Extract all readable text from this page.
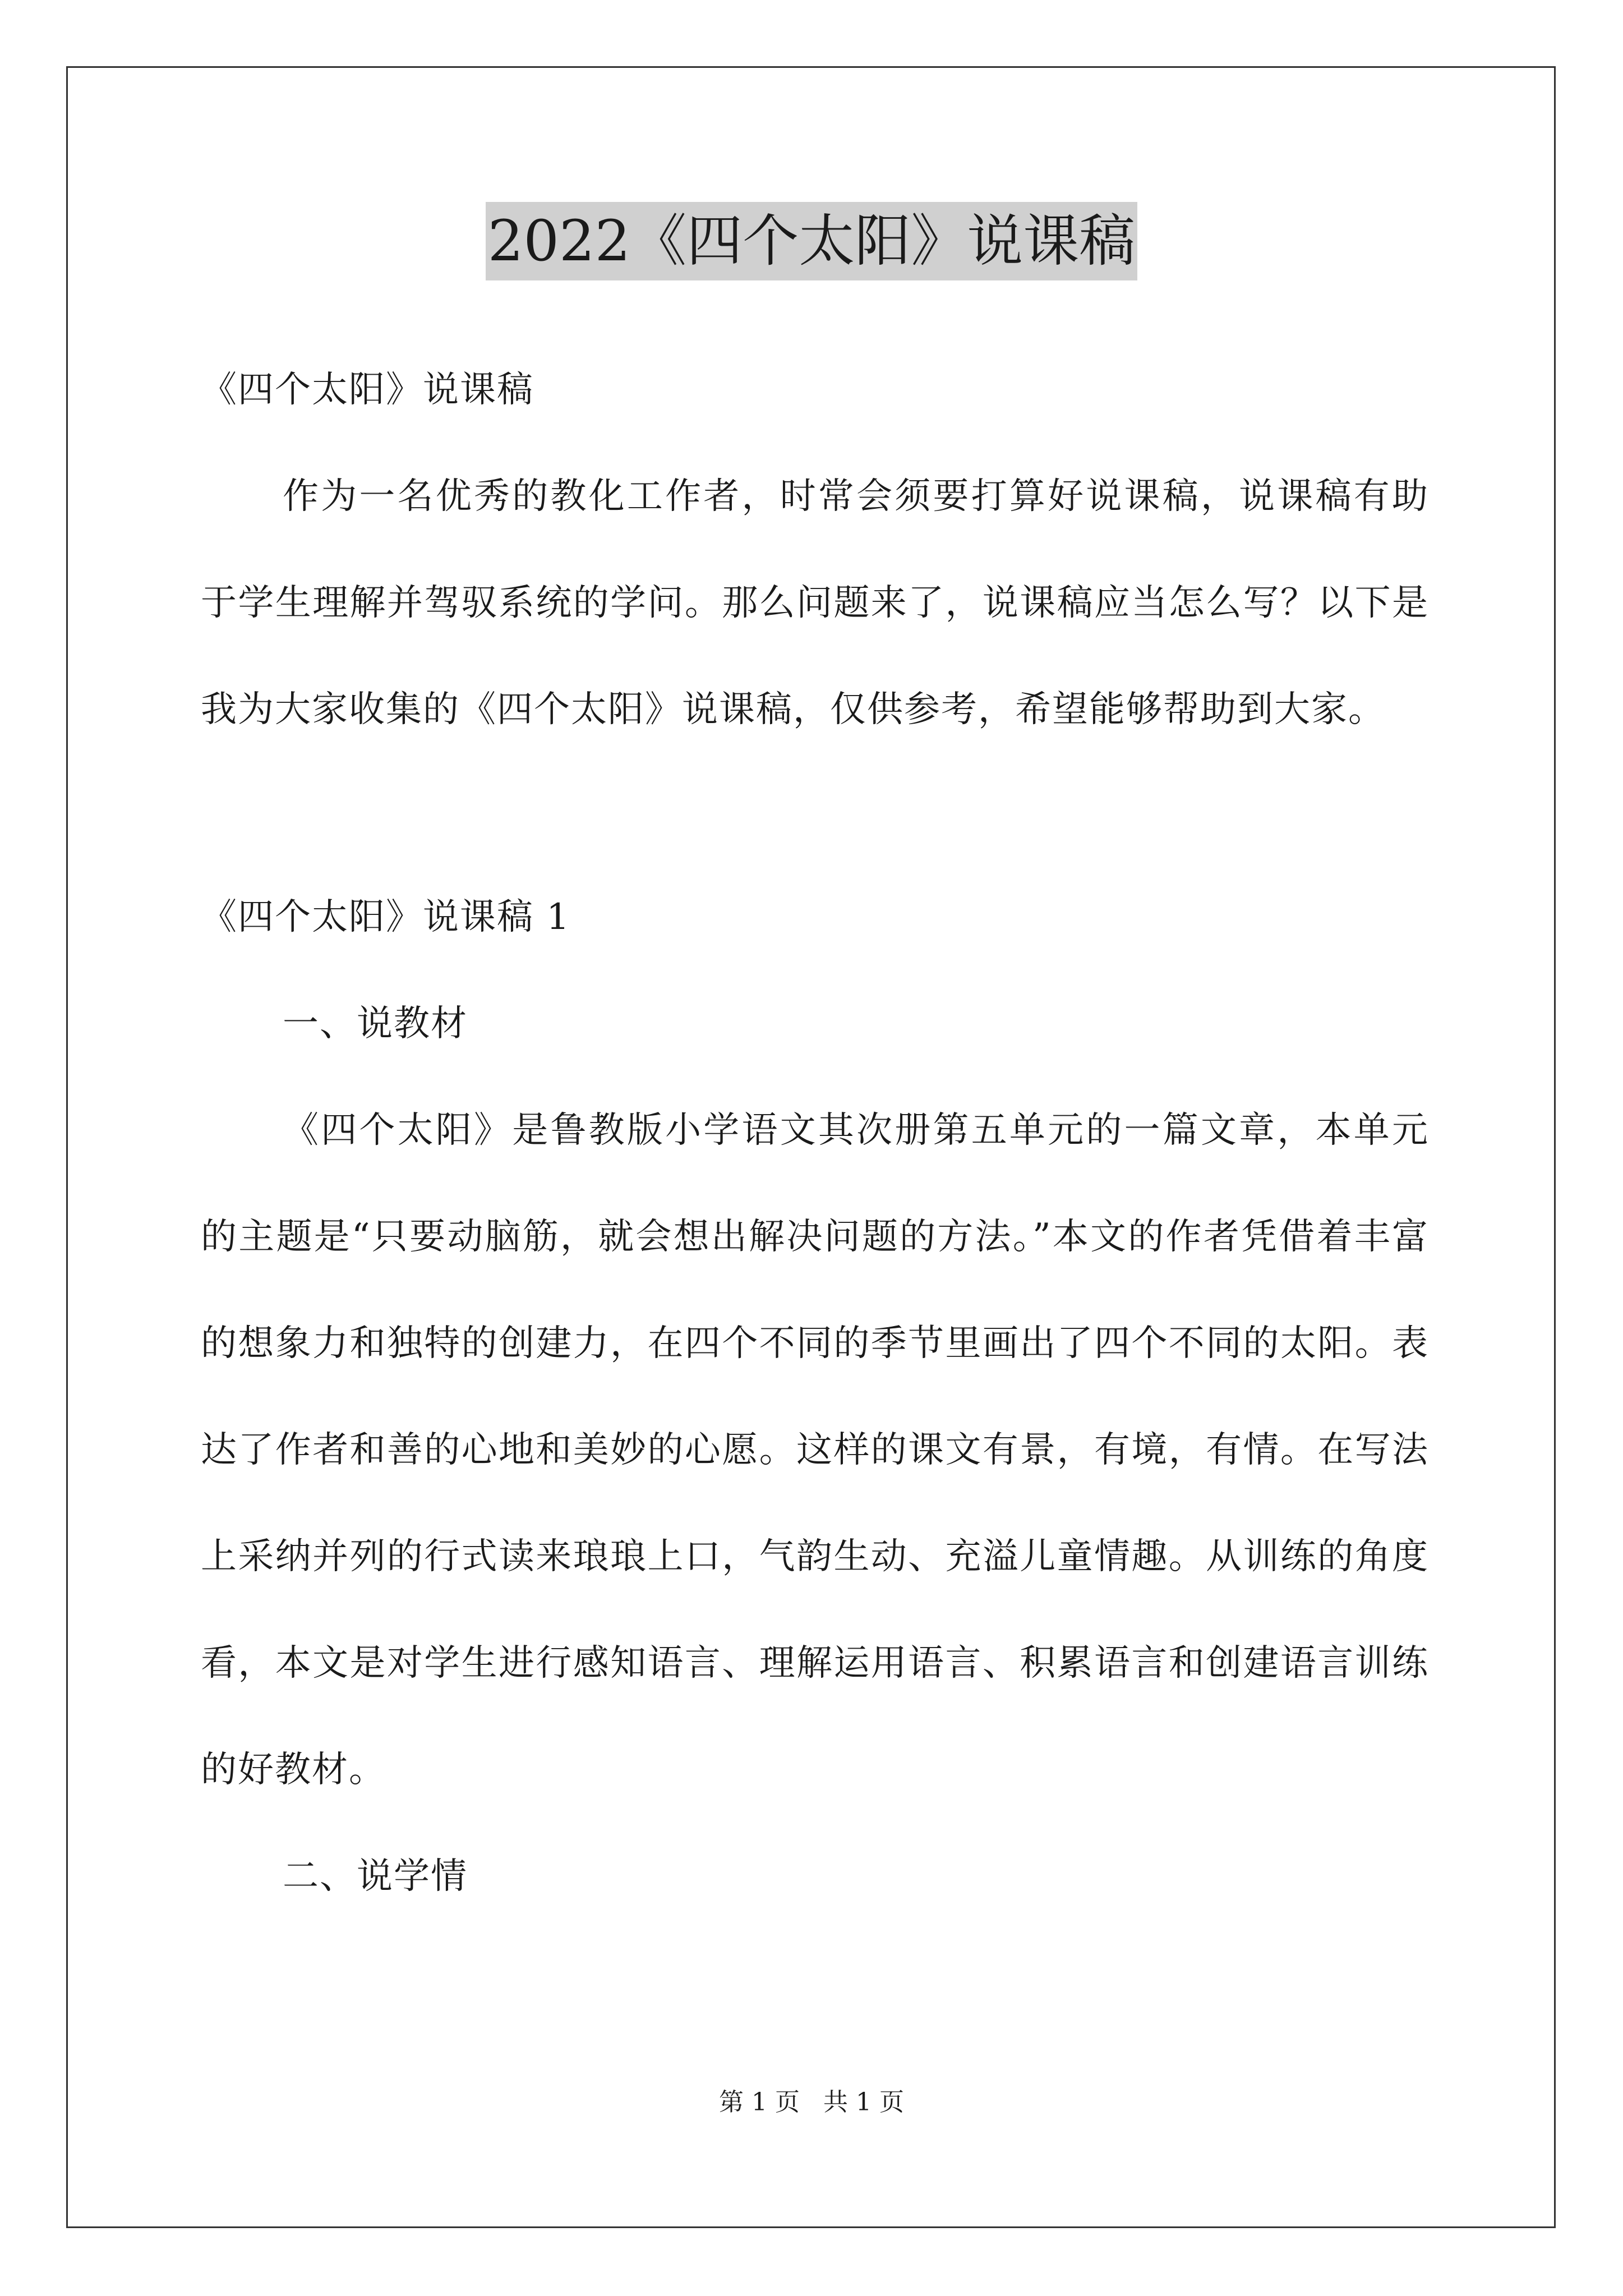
2022《四个太阳》说课稿

《四个太阳》说课稿

作为一名优秀的教化工作者，时常会须要打算好说课稿，说课稿有助于学生理解并驾驭系统的学问。那么问题来了，说课稿应当怎么写？以下是我为大家收集的《四个太阳》说课稿，仅供参考，希望能够帮助到大家。

《四个太阳》说课稿 1

一、说教材

《四个太阳》是鲁教版小学语文其次册第五单元的一篇文章，本单元的主题是“只要动脑筋，就会想出解决问题的方法。”本文的作者凭借着丰富的想象力和独特的创建力，在四个不同的季节里画出了四个不同的太阳。表达了作者和善的心地和美妙的心愿。这样的课文有景，有境，有情。在写法上采纳并列的行式读来琅琅上口，气韵生动、充溢儿童情趣。从训练的角度看，本文是对学生进行感知语言、理解运用语言、积累语言和创建语言训练的好教材。

二、说学情

第 1 页 共 1 页
